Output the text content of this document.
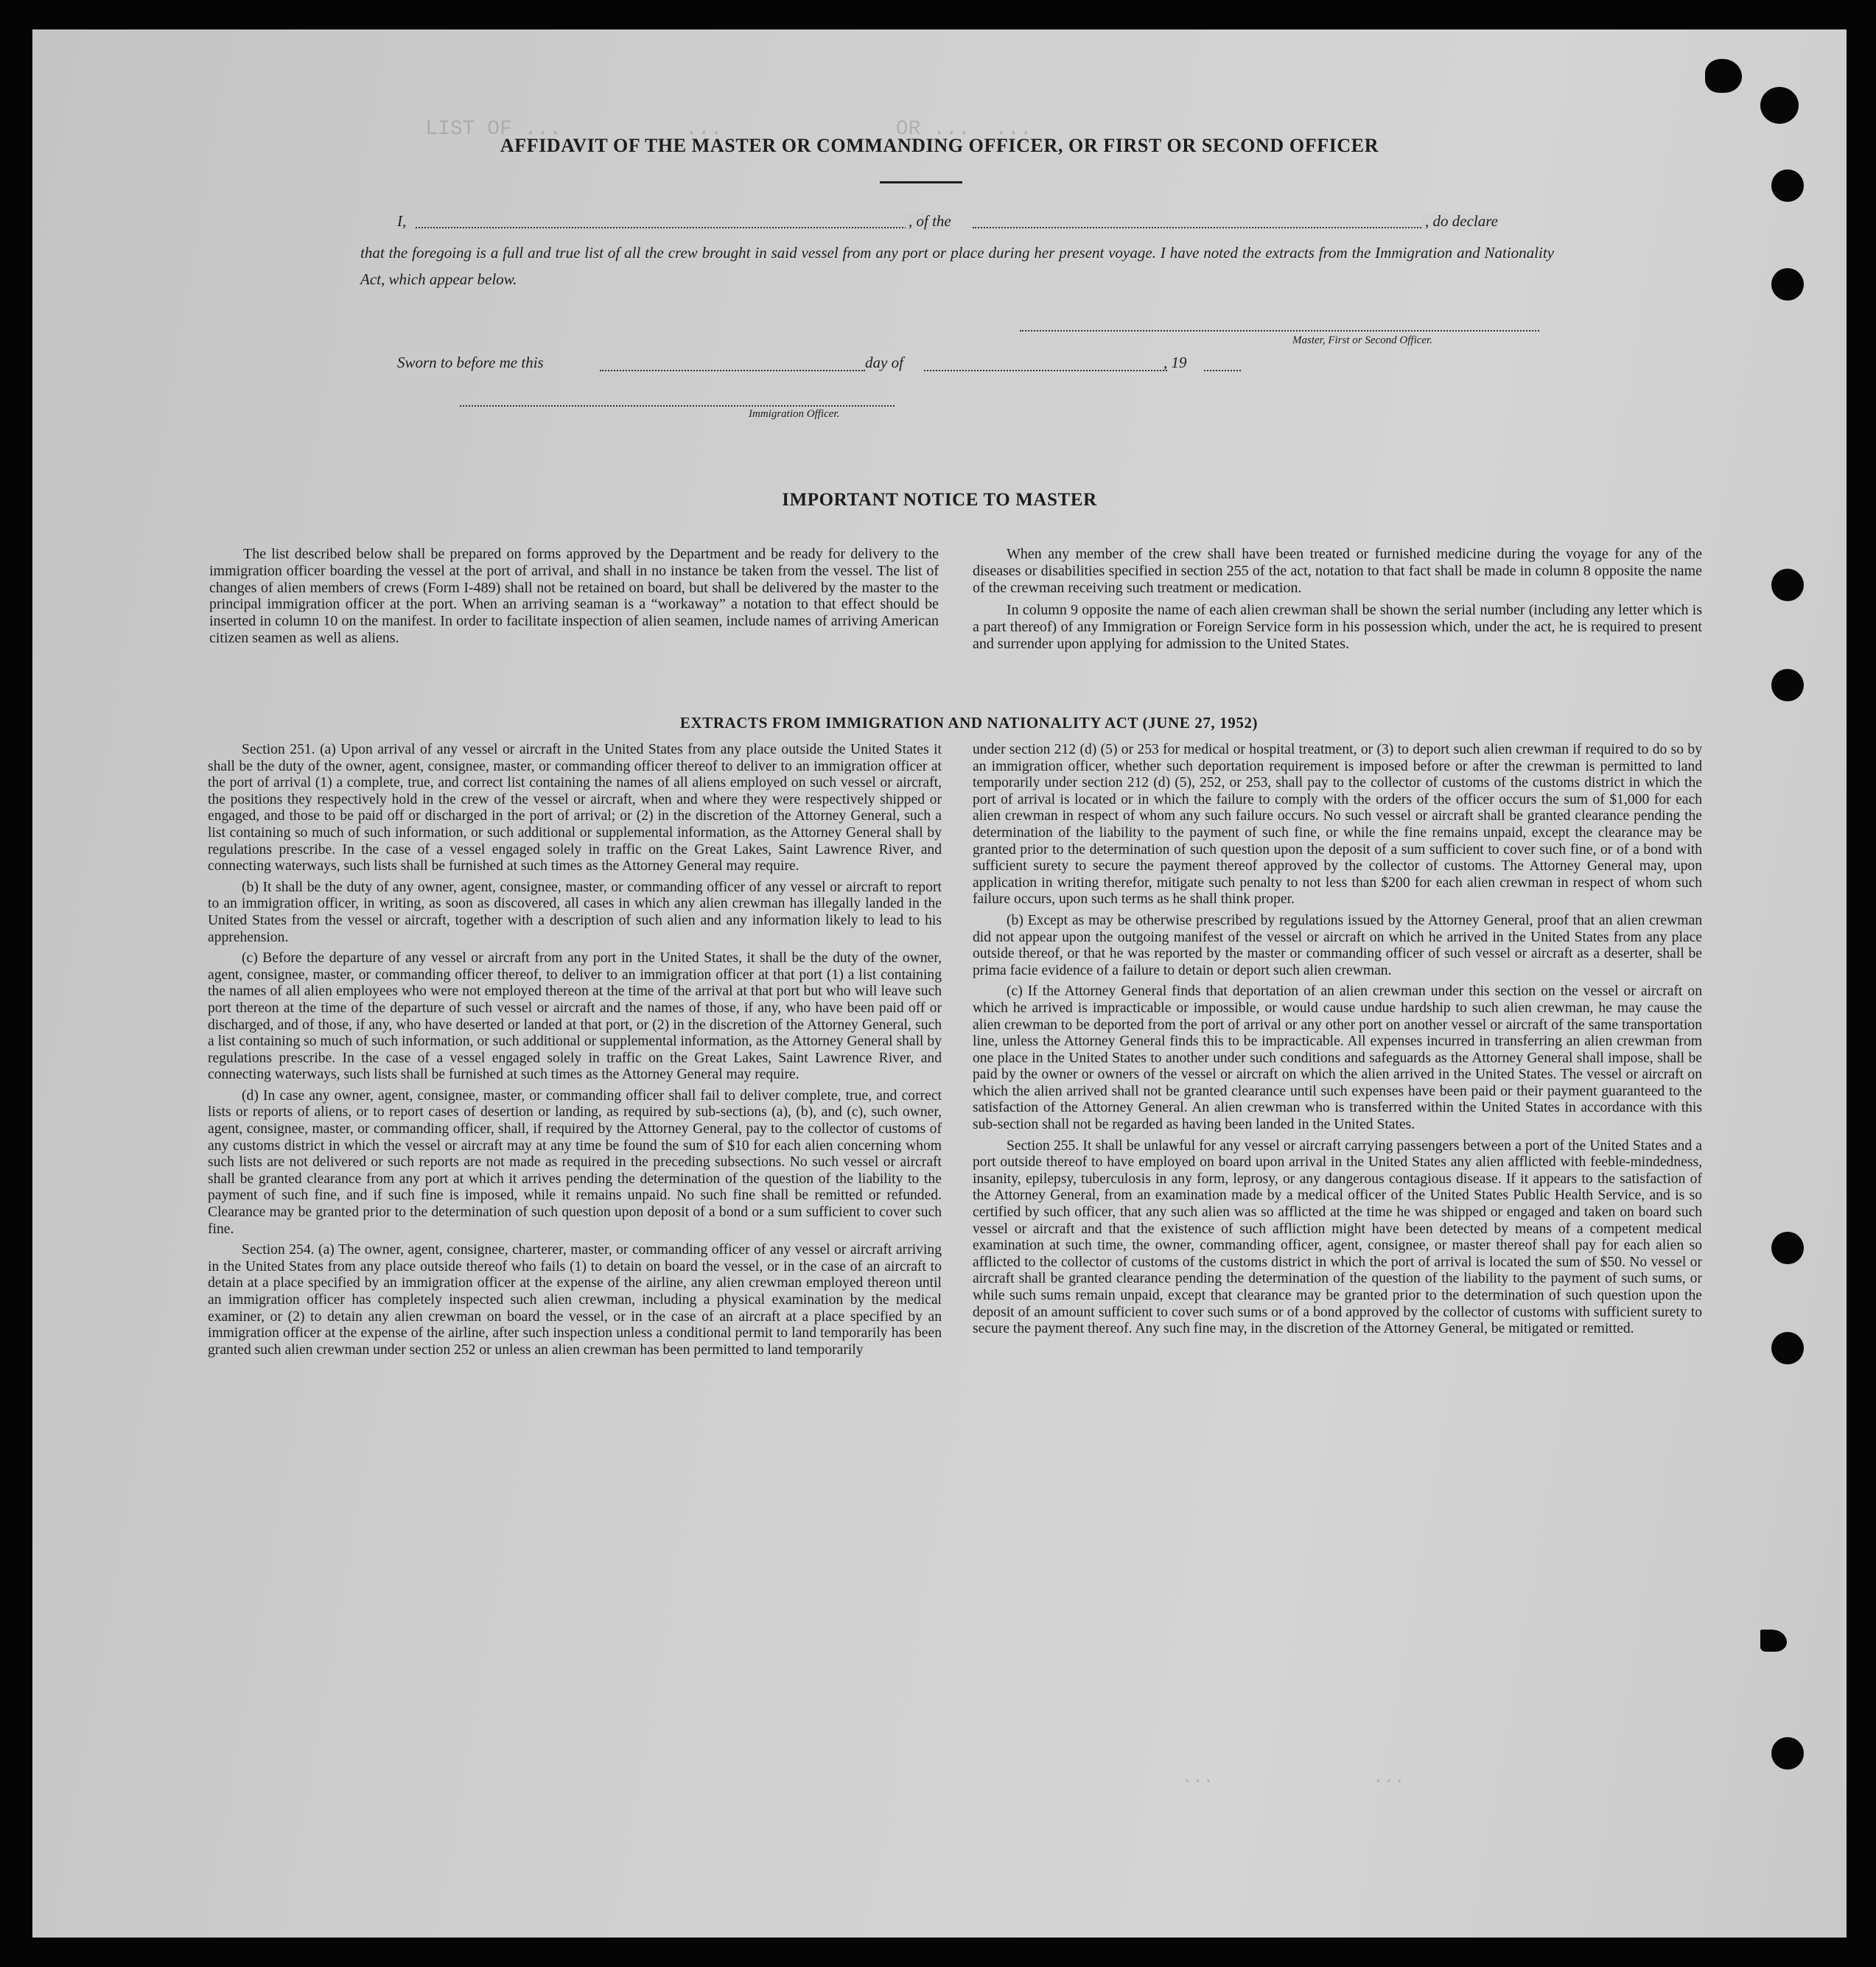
LIST OF ...          ...              OR ...  ...
AFFIDAVIT OF THE MASTER OR COMMANDING OFFICER, OR FIRST OR SECOND OFFICER
I,	, of the	, do declare
that the foregoing is a full and true list of all the crew brought in said vessel from any port or place during her present voyage. I have noted the extracts from the Immigration and Nationality Act, which appear below.
Master, First or Second Officer.
Sworn to before me this	day of	, 19
Immigration Officer.
IMPORTANT NOTICE TO MASTER

The list described below shall be prepared on forms approved by the Department and be ready for delivery to the immigration officer boarding the vessel at the port of arrival, and shall in no instance be taken from the vessel. The list of changes of alien members of crews (Form I-489) shall not be retained on board, but shall be delivered by the master to the principal immigration officer at the port. When an arriving seaman is a “workaway” a notation to that effect should be inserted in column 10 on the manifest. In order to facilitate inspection of alien seamen, include names of arriving American citizen seamen as well as aliens.

When any member of the crew shall have been treated or furnished medicine during the voyage for any of the diseases or disabilities specified in section 255 of the act, notation to that fact shall be made in column 8 opposite the name of the crewman receiving such treatment or medication.

In column 9 opposite the name of each alien crewman shall be shown the serial number (including any letter which is a part thereof) of any Immigration or Foreign Service form in his possession which, under the act, he is required to present and surrender upon applying for admission to the United States.

EXTRACTS FROM IMMIGRATION AND NATIONALITY ACT (JUNE 27, 1952)

Section 251. (a) Upon arrival of any vessel or aircraft in the United States from any place outside the United States it shall be the duty of the owner, agent, consignee, master, or commanding officer thereof to deliver to an immigration officer at the port of arrival (1) a complete, true, and correct list containing the names of all aliens employed on such vessel or aircraft, the positions they respectively hold in the crew of the vessel or aircraft, when and where they were respectively shipped or engaged, and those to be paid off or discharged in the port of arrival; or (2) in the discretion of the Attorney General, such a list containing so much of such information, or such additional or supplemental information, as the Attorney General shall by regulations prescribe. In the case of a vessel engaged solely in traffic on the Great Lakes, Saint Lawrence River, and connecting waterways, such lists shall be furnished at such times as the Attorney General may require.

(b) It shall be the duty of any owner, agent, consignee, master, or commanding officer of any vessel or aircraft to report to an immigration officer, in writing, as soon as discovered, all cases in which any alien crewman has illegally landed in the United States from the vessel or aircraft, together with a description of such alien and any information likely to lead to his apprehension.

(c) Before the departure of any vessel or aircraft from any port in the United States, it shall be the duty of the owner, agent, consignee, master, or commanding officer thereof, to deliver to an immigration officer at that port (1) a list containing the names of all alien employees who were not employed thereon at the time of the arrival at that port but who will leave such port thereon at the time of the departure of such vessel or aircraft and the names of those, if any, who have been paid off or discharged, and of those, if any, who have deserted or landed at that port, or (2) in the discretion of the Attorney General, such a list containing so much of such information, or such additional or supplemental information, as the Attorney General shall by regulations prescribe. In the case of a vessel engaged solely in traffic on the Great Lakes, Saint Lawrence River, and connecting waterways, such lists shall be furnished at such times as the Attorney General may require.

(d) In case any owner, agent, consignee, master, or commanding officer shall fail to deliver complete, true, and correct lists or reports of aliens, or to report cases of desertion or landing, as required by sub-sections (a), (b), and (c), such owner, agent, consignee, master, or commanding officer, shall, if required by the Attorney General, pay to the collector of customs of any customs district in which the vessel or aircraft may at any time be found the sum of $10 for each alien concerning whom such lists are not delivered or such reports are not made as required in the preceding subsections. No such vessel or aircraft shall be granted clearance from any port at which it arrives pending the determination of the question of the liability to the payment of such fine, and if such fine is imposed, while it remains unpaid. No such fine shall be remitted or refunded. Clearance may be granted prior to the determination of such question upon deposit of a bond or a sum sufficient to cover such fine.

Section 254. (a) The owner, agent, consignee, charterer, master, or commanding officer of any vessel or aircraft arriving in the United States from any place outside thereof who fails (1) to detain on board the vessel, or in the case of an aircraft to detain at a place specified by an immigration officer at the expense of the airline, any alien crewman employed thereon until an immigration officer has completely inspected such alien crewman, including a physical examination by the medical examiner, or (2) to detain any alien crewman on board the vessel, or in the case of an aircraft at a place specified by an immigration officer at the expense of the airline, after such inspection unless a conditional permit to land temporarily has been granted such alien crewman under section 252 or unless an alien crewman has been permitted to land temporarily

under section 212 (d) (5) or 253 for medical or hospital treatment, or (3) to deport such alien crewman if required to do so by an immigration officer, whether such deportation requirement is imposed before or after the crewman is permitted to land temporarily under section 212 (d) (5), 252, or 253, shall pay to the collector of customs of the customs district in which the port of arrival is located or in which the failure to comply with the orders of the officer occurs the sum of $1,000 for each alien crewman in respect of whom any such failure occurs. No such vessel or aircraft shall be granted clearance pending the determination of the liability to the payment of such fine, or while the fine remains unpaid, except the clearance may be granted prior to the determination of such question upon the deposit of a sum sufficient to cover such fine, or of a bond with sufficient surety to secure the payment thereof approved by the collector of customs. The Attorney General may, upon application in writing therefor, mitigate such penalty to not less than $200 for each alien crewman in respect of whom such failure occurs, upon such terms as he shall think proper.

(b) Except as may be otherwise prescribed by regulations issued by the Attorney General, proof that an alien crewman did not appear upon the outgoing manifest of the vessel or aircraft on which he arrived in the United States from any place outside thereof, or that he was reported by the master or commanding officer of such vessel or aircraft as a deserter, shall be prima facie evidence of a failure to detain or deport such alien crewman.

(c) If the Attorney General finds that deportation of an alien crewman under this section on the vessel or aircraft on which he arrived is impracticable or impossible, or would cause undue hardship to such alien crewman, he may cause the alien crewman to be deported from the port of arrival or any other port on another vessel or aircraft of the same transportation line, unless the Attorney General finds this to be impracticable. All expenses incurred in transferring an alien crewman from one place in the United States to another under such conditions and safeguards as the Attorney General shall impose, shall be paid by the owner or owners of the vessel or aircraft on which the alien arrived in the United States. The vessel or aircraft on which the alien arrived shall not be granted clearance until such expenses have been paid or their payment guaranteed to the satisfaction of the Attorney General. An alien crewman who is transferred within the United States in accordance with this sub-section shall not be regarded as having been landed in the United States.

Section 255. It shall be unlawful for any vessel or aircraft carrying passengers between a port of the United States and a port outside thereof to have employed on board upon arrival in the United States any alien afflicted with feeble-mindedness, insanity, epilepsy, tuberculosis in any form, leprosy, or any dangerous contagious disease. If it appears to the satisfaction of the Attorney General, from an examination made by a medical officer of the United States Public Health Service, and is so certified by such officer, that any such alien was so afflicted at the time he was shipped or engaged and taken on board such vessel or aircraft and that the existence of such affliction might have been detected by means of a competent medical examination at such time, the owner, commanding officer, agent, consignee, or master thereof shall pay for each alien so afflicted to the collector of customs of the customs district in which the port of arrival is located the sum of $50. No vessel or aircraft shall be granted clearance pending the determination of the question of the liability to the payment of such sums, or while such sums remain unpaid, except that clearance may be granted prior to the determination of such question upon the deposit of an amount sufficient to cover such sums or of a bond approved by the collector of customs with sufficient surety to secure the payment thereof. Any such fine may, in the discretion of the Attorney General, be mitigated or remitted.

...               ...
